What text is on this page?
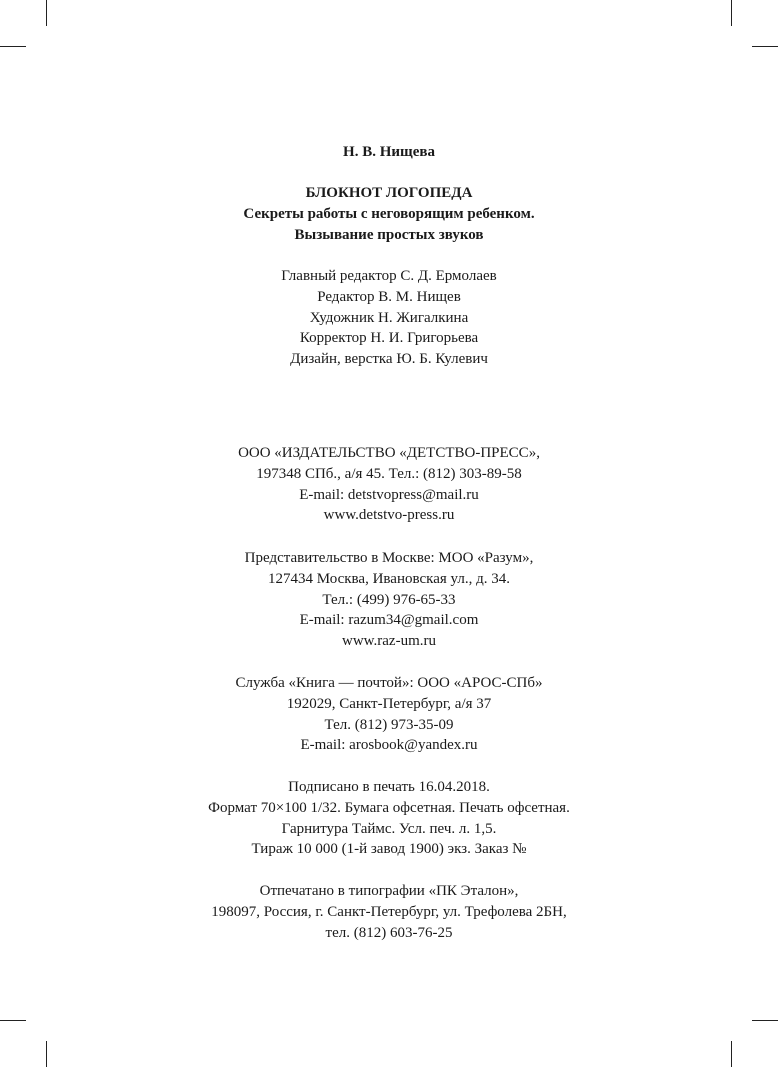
Н. В. Нищева
БЛОКНОТ ЛОГОПЕДА
Секреты работы с неговорящим ребенком.
Вызывание простых звуков
Главный редактор С. Д. Ермолаев
Редактор В. М. Нищев
Художник Н. Жигалкина
Корректор Н. И. Григорьева
Дизайн, верстка Ю. Б. Кулевич
ООО «ИЗДАТЕЛЬСТВО «ДЕТСТВО-ПРЕСС»,
197348 СПб., а/я 45. Тел.: (812) 303-89-58
E-mail: detstvopress@mail.ru
www.detstvo-press.ru
Представительство в Москве: МОО «Разум»,
127434 Москва, Ивановская ул., д. 34.
Тел.: (499) 976-65-33
E-mail: razum34@gmail.com
www.raz-um.ru
Служба «Книга — почтой»: ООО «АРОС-СПб»
192029, Санкт-Петербург, а/я 37
Тел. (812) 973-35-09
E-mail: arosbook@yandex.ru
Подписано в печать 16.04.2018.
Формат 70×100 1/32. Бумага офсетная. Печать офсетная.
Гарнитура Таймс. Усл. печ. л. 1,5.
Тираж 10 000 (1-й завод 1900) экз. Заказ №
Отпечатано в типографии «ПК Эталон»,
198097, Россия, г. Санкт-Петербург, ул. Трефолева 2БН,
тел. (812) 603-76-25
